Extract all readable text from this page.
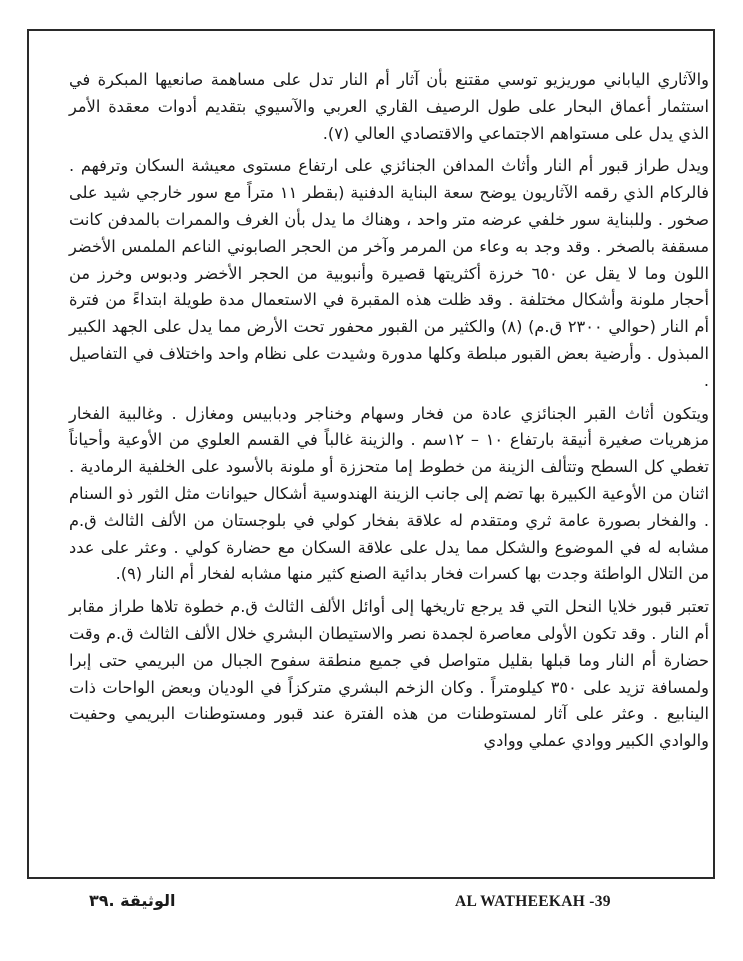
والآثاري الياباني موريزيو توسي مقتنع بأن آثار أم النار تدل على مساهمة صانعيها المبكرة في استثمار أعماق البحار على طول الرصيف القاري العربي والآسيوي بتقديم أدوات معقدة الأمر الذي يدل على مستواهم الاجتماعي والاقتصادي العالي (٧).

ويدل طراز قبور أم النار وأثاث المدافن الجنائزي على ارتفاع مستوى معيشة السكان وترفهم . فالركام الذي رقمه الآثاريون يوضح سعة البناية الدفنية (بقطر ١١ متراً مع سور خارجي شيد على صخور . وللبناية سور خلفي عرضه متر واحد ، وهناك ما يدل بأن الغرف والممرات بالمدفن كانت مسقفة بالصخر . وقد وجد به وعاء من المرمر وآخر من الحجر الصابوني الناعم الملمس الأخضر اللون وما لا يقل عن ٦٥٠ خرزة أكثريتها قصيرة وأنبوبية من الحجر الأخضر ودبوس وخرز من أحجار ملونة وأشكال مختلفة . وقد ظلت هذه المقبرة في الاستعمال مدة طويلة ابتداءً من فترة أم النار (حوالي ٢٣٠٠ ق.م) (٨) والكثير من القبور محفور تحت الأرض مما يدل على الجهد الكبير المبذول . وأرضية بعض القبور مبلطة وكلها مدورة وشيدت على نظام واحد واختلاف في التفاصيل .

ويتكون أثاث القبر الجنائزي عادة من فخار وسهام وخناجر ودبابيس ومغازل . وغالبية الفخار مزهريات صغيرة أنيقة بارتفاع ١٠ – ١٢سم . والزينة غالباً في القسم العلوي من الأوعية وأحياناً تغطي كل السطح وتتألف الزينة من خطوط إما متحززة أو ملونة بالأسود على الخلفية الرمادية . اثنان من الأوعية الكبيرة بها تضم إلى جانب الزينة الهندوسية أشكال حيوانات مثل الثور ذو السنام . والفخار بصورة عامة ثري ومتقدم له علاقة بفخار كولي في بلوجستان من الألف الثالث ق.م مشابه له في الموضوع والشكل مما يدل على علاقة السكان مع حضارة كولي . وعثر على عدد من التلال الواطئة وجدت بها كسرات فخار بدائية الصنع كثير منها مشابه لفخار أم النار (٩).

تعتبر قبور خلايا النحل التي قد يرجع تاريخها إلى أوائل الألف الثالث ق.م خطوة تلاها طراز مقابر أم النار . وقد تكون الأولى معاصرة لجمدة نصر والاستيطان البشري خلال الألف الثالث ق.م وقت حضارة أم النار وما قبلها بقليل متواصل في جميع منطقة سفوح الجبال من البريمي حتى إبرا ولمسافة تزيد على ٣٥٠ كيلومتراً . وكان الزخم البشري متركزاً في الوديان وبعض الواحات ذات الينابيع . وعثر على آثار لمستوطنات من هذه الفترة عند قبور ومستوطنات البريمي وحفيت والوادي الكبير ووادي عملي ووادي

الوثيقة .٣٩	AL WATHEEKAH -39
